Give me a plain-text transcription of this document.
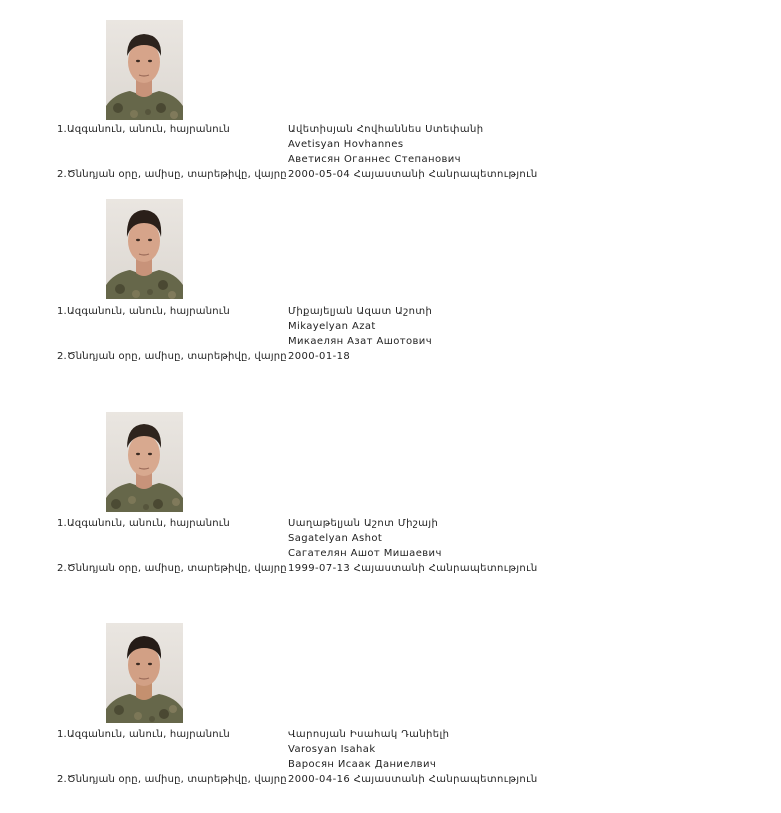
1.Ազգանուն, անուն, հայրանուն	Ավետիսյան Հովհաննես Ստեփանի
Avetisyan Hovhannes
Аветисян Оганнес Степанович
2.Ծննդյան օրը, ամիսը, տարեթիվը, վայրը 2000-05-04 Հայաստանի Հանրապետություն
1.Ազգանուն, անուն, հայրանուն	Միքայելյան Ազատ Աշոտի
Mikayelyan Azat
Микаелян Азат Ашотович
2.Ծննդյան օրը, ամիսը, տարեթիվը, վայրը 2000-01-18
1.Ազգանուն, անուն, հայրանուն	Սաղաթելյան Աշոտ Միշայի
Sagatelyan Ashot
Сагателян Ашот Мишаевич
2.Ծննդյան օրը, ամիսը, տարեթիվը, վայրը 1999-07-13 Հայաստանի Հանրապետություն
1.Ազգանուն, անուն, հայրանուն	Վարոսյան Իսահակ Դանիելի
Varosyan Isahak
Варосян Исаак Даниелвич
2.Ծննդյան օրը, ամիսը, տարեթիվը, վայրը 2000-04-16 Հայաստանի Հանրապետություն
